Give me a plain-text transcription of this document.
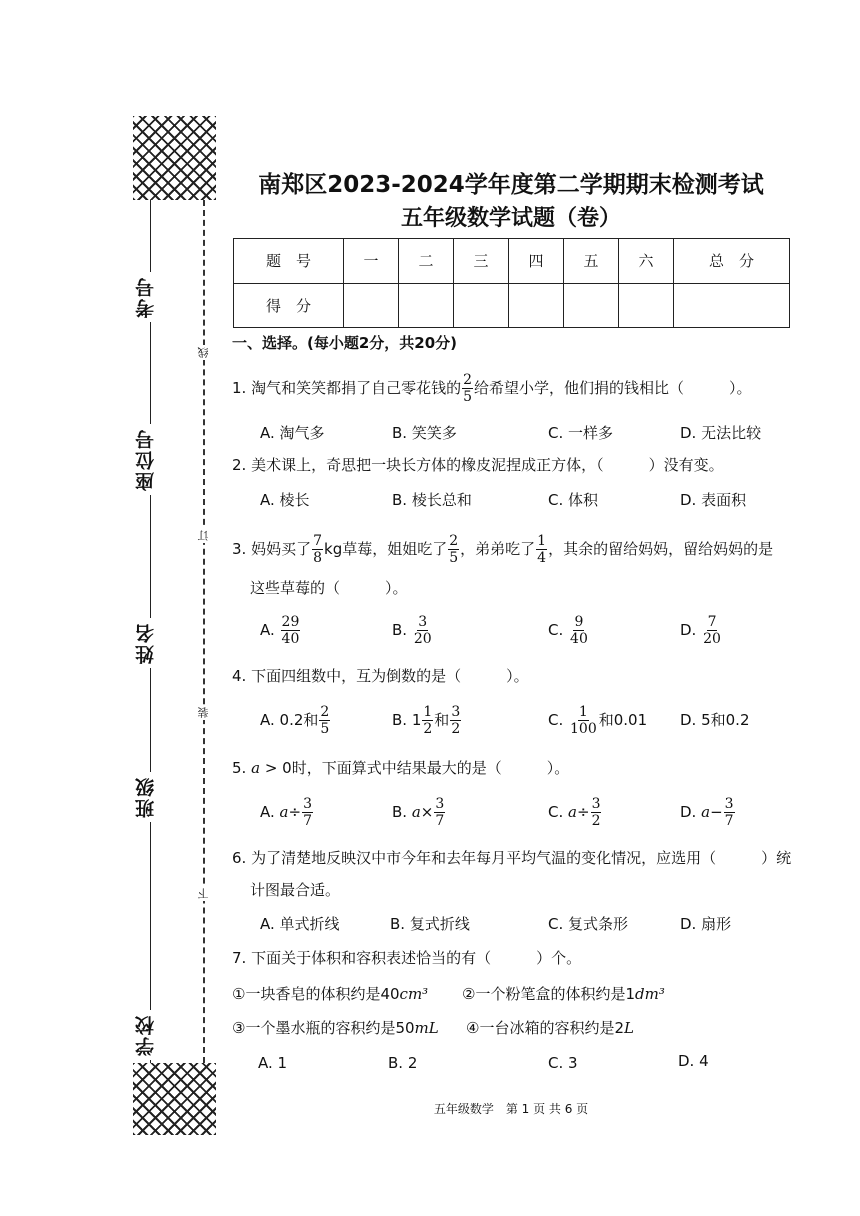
考号
座位号
姓名
班级
学校
线
订
装
下
南郑区2023-2024学年度第二学期期末检测考试
五年级数学试题（卷）
题　号	一	二	三	四	五	六	总　分
得　分							
一、选择。(每小题2分，共20分)
1. 淘气和笑笑都捐了自己零花钱的 $\frac{2}{5}$ 给希望小学，他们捐的钱相比（　　　）。
A. 淘气多	B. 笑笑多	C. 一样多	D. 无法比较
2. 美术课上，奇思把一块长方体的橡皮泥捏成正方体，（　　　）没有变。
A. 棱长	B. 棱长总和	C. 体积	D. 表面积
3. 妈妈买了 $\frac{7}{8}$ kg草莓，姐姐吃了 $\frac{2}{5}$ ，弟弟吃了 $\frac{1}{4}$ ，其余的留给妈妈，留给妈妈的是
这些草莓的（　　　）。
A. $\frac{29}{40}$	B. $\frac{3}{20}$	C. $\frac{9}{40}$	D. $\frac{7}{20}$
4. 下面四组数中，互为倒数的是（　　　）。
A. 0.2和 $\frac{2}{5}$	B. $1 \frac{1}{2}$ 和 $\frac{3}{2}$	C. $\frac{1}{100}$ 和0.01 D. 5和0.2
5. a > 0时，下面算式中结果最大的是（　　　）。
A. $a\div \frac{3}{7}$	B. $a\times \frac{3}{7}$	C. $a\div \frac{3}{2}$	D. $a- \frac{3}{7}$
6. 为了清楚地反映汉中市今年和去年每月平均气温的变化情况，应选用（　　　）统
计图最合适。
A. 单式折线	B. 复式折线	C. 复式条形	D. 扇形
7. 下面关于体积和容积表述恰当的有（　　　）个。
①一块香皂的体积约是40cm³ ②一个粉笔盒的体积约是1dm³
③一个墨水瓶的容积约是50mL ④一台冰箱的容积约是2L
A. 1	B. 2	C. 3	D. 4
五年级数学　第 1 页 共 6 页
